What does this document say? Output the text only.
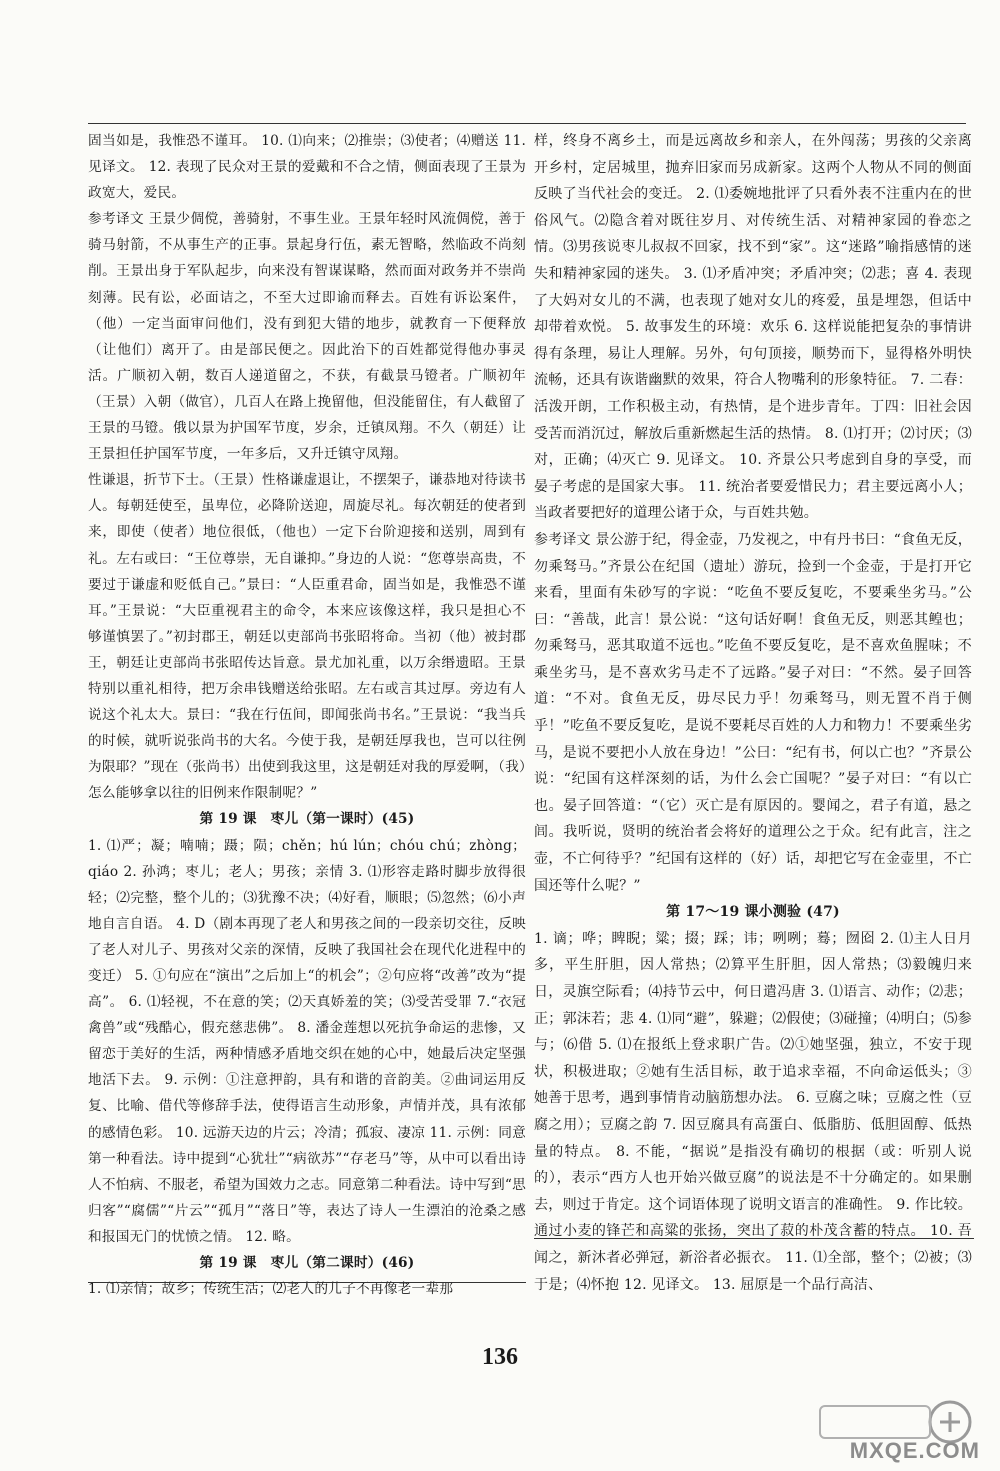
固当如是，我惟恐不谨耳。 10. ⑴向来；⑵推崇；⑶使者；⑷赠送 11. 见译文。 12. 表现了民众对王景的爱戴和不合之情，侧面表现了王景为政宽大，爱民。

参考译文 王景少倜傥，善骑射，不事生业。王景年轻时风流倜傥，善于骑马射箭，不从事生产的正事。景起身行伍，素无智略，然临政不尚刻削。王景出身于军队起步，向来没有智谋谋略，然而面对政务并不崇尚刻薄。民有讼，必面诘之，不至大过即谕而释去。百姓有诉讼案件，（他）一定当面审问他们，没有到犯大错的地步，就教育一下便释放（让他们）离开了。由是部民便之。因此治下的百姓都觉得他办事灵活。广顺初入朝，数百人递道留之，不获，有截景马镫者。广顺初年（王景）入朝（做官），几百人在路上挽留他，但没能留住，有人截留了王景的马镫。俄以景为护国军节度，岁余，迁镇凤翔。不久（朝廷）让王景担任护国军节度，一年多后，又升迁镇守凤翔。

性谦退，折节下士。（王景）性格谦虚退让，不摆架子，谦恭地对待读书人。每朝廷使至，虽卑位，必降阶送迎，周旋尽礼。每次朝廷的使者到来，即使（使者）地位很低，（他也）一定下台阶迎接和送别，周到有礼。左右或曰：“王位尊崇，无自谦抑。”身边的人说：“您尊崇高贵，不要过于谦虚和贬低自己。”景曰：“人臣重君命，固当如是，我惟恐不谨耳。”王景说：“大臣重视君主的命令，本来应该像这样，我只是担心不够谨慎罢了。”初封郡王，朝廷以吏部尚书张昭将命。当初（他）被封郡王，朝廷让吏部尚书张昭传达旨意。景尤加礼重，以万余缗遗昭。王景特别以重礼相待，把万余串钱赠送给张昭。左右或言其过厚。旁边有人说这个礼太大。景曰：“我在行伍间，即闻张尚书名。”王景说：“我当兵的时候，就听说张尚书的大名。今使于我，是朝廷厚我也，岂可以往例为限耶？”现在（张尚书）出使到我这里，这是朝廷对我的厚爱啊，（我）怎么能够拿以往的旧例来作限制呢？”

第 19 课　枣儿（第一课时）(45)

1. ⑴严；凝；喃喃；蹑；陨；chěn；hú lún；chóu chú；zhòng；qiáo 2. 孙鸿；枣儿；老人；男孩；亲情 3. ⑴形容走路时脚步放得很轻；⑵完整，整个儿的；⑶犹豫不决；⑷好看，顺眼；⑸忽然；⑹小声地自言自语。 4. D（剧本再现了老人和男孩之间的一段亲切交往，反映了老人对儿子、男孩对父亲的深情，反映了我国社会在现代化进程中的变迁） 5. ①句应在“演出”之后加上“的机会”；②句应将“改善”改为“提高”。 6. ⑴轻视，不在意的笑；⑵天真娇羞的笑；⑶受苦受罪 7.“衣冠禽兽”或“残酷心，假充慈悲佛”。 8. 潘金莲想以死抗争命运的悲惨，又留恋于美好的生活，两种情感矛盾地交织在她的心中，她最后决定坚强地活下去。 9. 示例：①注意押韵，具有和谐的音韵美。②曲词运用反复、比喻、借代等修辞手法，使得语言生动形象，声情并茂，具有浓郁的感情色彩。 10. 远游天边的片云；冷清；孤寂、凄凉 11. 示例：同意第一种看法。诗中提到“心犹壮”“病欲苏”“存老马”等，从中可以看出诗人不怕病、不服老，希望为国效力之志。同意第二种看法。诗中写到“思归客”“腐儒”“片云”“孤月”“落日”等，表达了诗人一生漂泊的沧桑之感和报国无门的忧愤之情。 12. 略。

第 19 课　枣儿（第二课时）(46)

1. ⑴亲情；故乡；传统生活；⑵老人的儿子不再像老一辈那

样，终身不离乡土，而是远离故乡和亲人，在外闯荡；男孩的父亲离开乡村，定居城里，抛弃旧家而另成新家。这两个人物从不同的侧面反映了当代社会的变迁。 2. ⑴委婉地批评了只看外表不注重内在的世俗风气。⑵隐含着对既往岁月、对传统生活、对精神家园的眷恋之情。⑶男孩说枣儿叔叔不回家，找不到“家”。这“迷路”喻指感情的迷失和精神家园的迷失。 3. ⑴矛盾冲突；矛盾冲突；⑵悲；喜 4. 表现了大妈对女儿的不满，也表现了她对女儿的疼爱，虽是埋怨，但话中却带着欢悦。 5. 故事发生的环境：欢乐 6. 这样说能把复杂的事情讲得有条理，易让人理解。另外，句句顶接，顺势而下，显得格外明快流畅，还具有诙谐幽默的效果，符合人物嘴利的形象特征。 7. 二春：活泼开朗，工作积极主动，有热情，是个进步青年。丁四：旧社会因受苦而消沉过，解放后重新燃起生活的热情。 8. ⑴打开；⑵讨厌；⑶对，正确；⑷灭亡 9. 见译文。 10. 齐景公只考虑到自身的享受，而晏子考虑的是国家大事。 11. 统治者要爱惜民力；君主要远离小人；当政者要把好的道理公诸于众，与百姓共勉。

参考译文 景公游于纪，得金壶，乃发视之，中有丹书曰：“食鱼无反，勿乘驽马。”齐景公在纪国（遗址）游玩，捡到一个金壶，于是打开它来看，里面有朱砂写的字说：“吃鱼不要反复吃，不要乘坐劣马。”公曰：“善哉，此言！景公说：“这句话好啊！食鱼无反，则恶其鳇也；勿乘驽马，恶其取道不远也。”吃鱼不要反复吃，是不喜欢鱼腥味；不乘坐劣马，是不喜欢劣马走不了远路。”晏子对曰：“不然。晏子回答道：“不对。食鱼无反，毋尽民力乎！勿乘驽马，则无置不肖于侧乎！”吃鱼不要反复吃，是说不要耗尽百姓的人力和物力！不要乘坐劣马，是说不要把小人放在身边！”公曰：“纪有书，何以亡也？”齐景公说：“纪国有这样深刻的话，为什么会亡国呢？”晏子对曰：“有以亡也。晏子回答道：“（它）灭亡是有原因的。婴闻之，君子有道，悬之闾。我听说，贤明的统治者会将好的道理公之于众。纪有此言，注之壶，不亡何待乎？”纪国有这样的（好）话，却把它写在金壶里，不亡国还等什么呢？”

第 17～19 课小测验 (47)

1. 谪；哗；睥睨；粱；掇；踩；讳；咧咧；蓦；囫囵 2. ⑴主人日月多，平生肝胆，因人常热；⑵算平生肝胆，因人常热；⑶毅魄归来日，灵旗空际看；⑷持节云中，何日遣冯唐 3. ⑴语言、动作；⑵悲；正；郭沫若；悲 4. ⑴同“避”，躲避；⑵假使；⑶碰撞；⑷明白；⑸参与；⑹借 5. ⑴在报纸上登求职广告。⑵①她坚强，独立，不安于现状，积极进取；②她有生活目标，敢于追求幸福，不向命运低头；③她善于思考，遇到事情肯动脑筋想办法。 6. 豆腐之味；豆腐之性（豆腐之用）；豆腐之韵 7. 因豆腐具有高蛋白、低脂肪、低胆固醇、低热量的特点。 8. 不能，“据说”是指没有确切的根据（或：听别人说的），表示“西方人也开始兴做豆腐”的说法是不十分确定的。如果删去，则过于肯定。这个词语体现了说明文语言的准确性。 9. 作比较。通过小麦的锋芒和高粱的张扬，突出了菽的朴茂含蓄的特点。 10. 吾闻之，新沐者必弹冠，新浴者必振衣。 11. ⑴全部，整个；⑵被；⑶于是；⑷怀抱 12. 见译文。 13. 屈原是一个品行高洁、

136
MXQE.COM
